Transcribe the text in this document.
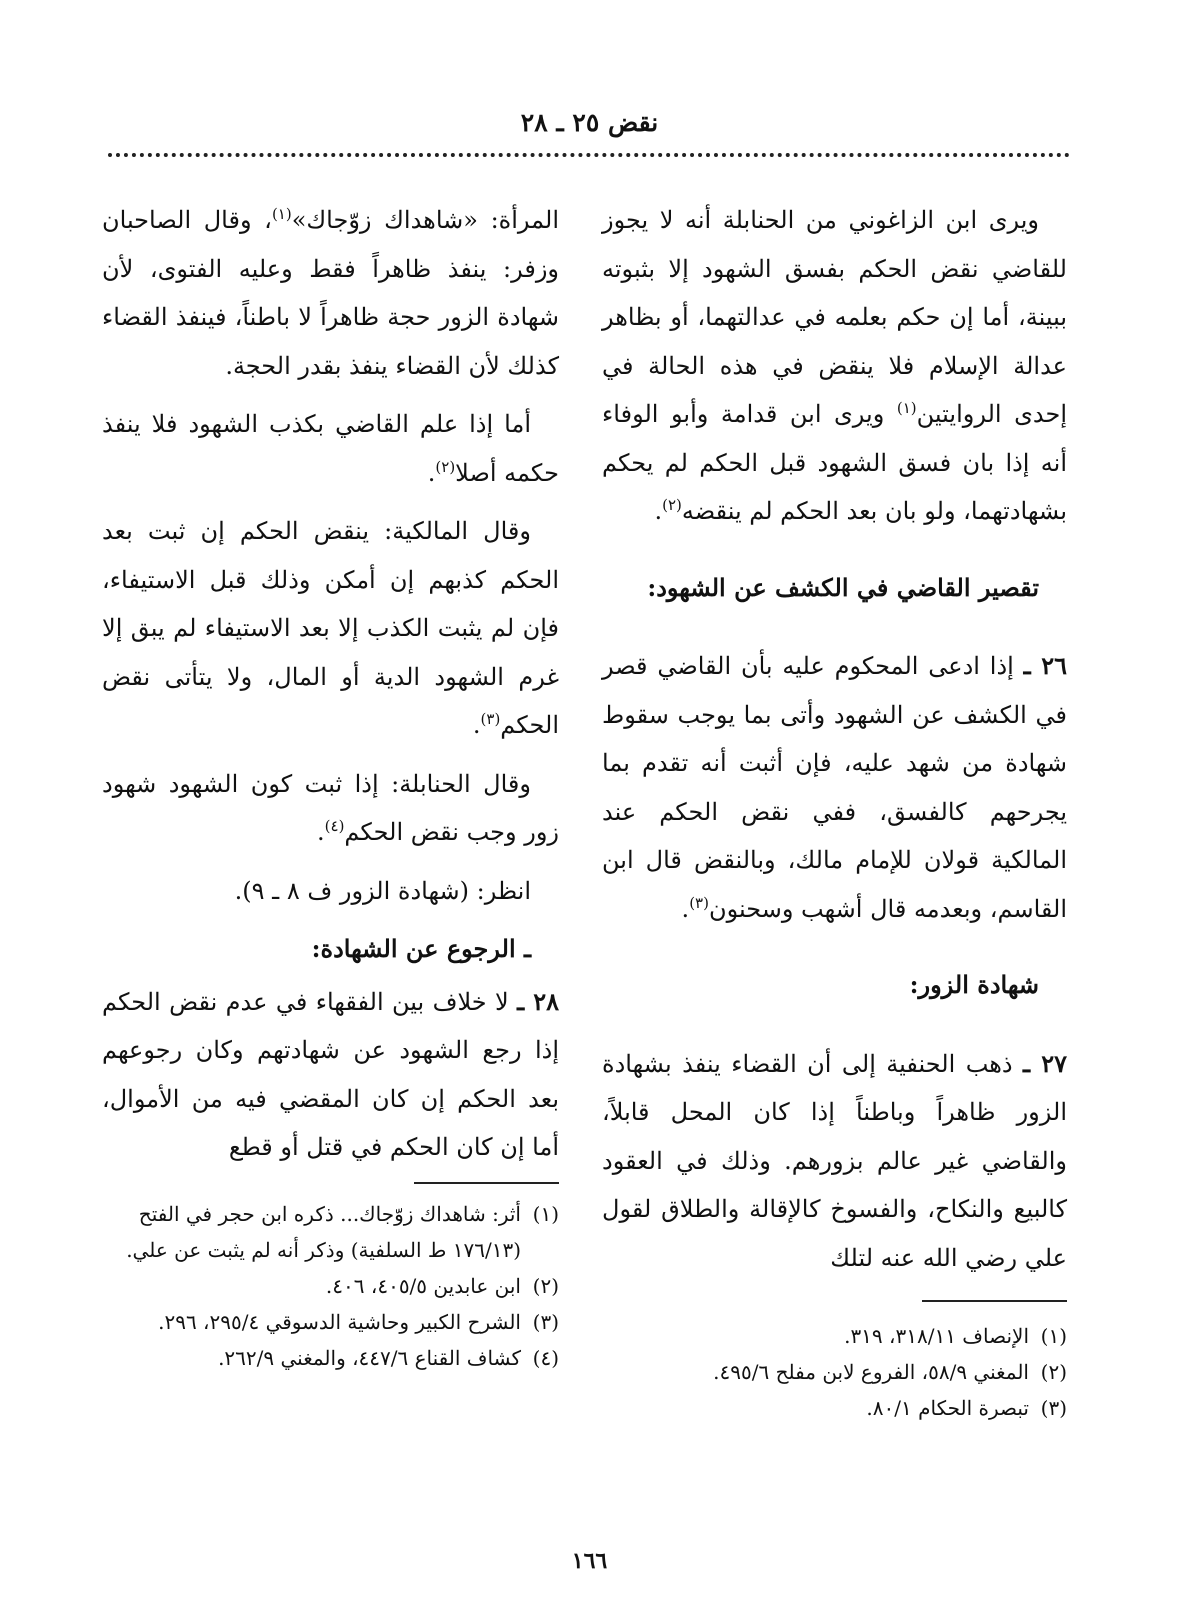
نقض ٢٥ ـ ٢٨

ويرى ابن الزاغوني من الحنابلة أنه لا يجوز للقاضي نقض الحكم بفسق الشهود إلا بثبوته ببينة، أما إن حكم بعلمه في عدالتهما، أو بظاهر عدالة الإسلام فلا ينقض في هذه الحالة في إحدى الروايتين$^{(١)}$ ويرى ابن قدامة وأبو الوفاء أنه إذا بان فسق الشهود قبل الحكم لم يحكم بشهادتهما، ولو بان بعد الحكم لم ينقضه$^{(٢)}$.

تقصير القاضي في الكشف عن الشهود:

٢٦ ـ إذا ادعى المحكوم عليه بأن القاضي قصر في الكشف عن الشهود وأتى بما يوجب سقوط شهادة من شهد عليه، فإن أثبت أنه تقدم بما يجرحهم كالفسق، ففي نقض الحكم عند المالكية قولان للإمام مالك، وبالنقض قال ابن القاسم، وبعدمه قال أشهب وسحنون$^{(٣)}$.

شهادة الزور:

٢٧ ـ ذهب الحنفية إلى أن القضاء ينفذ بشهادة الزور ظاهراً وباطناً إذا كان المحل قابلاً، والقاضي غير عالم بزورهم. وذلك في العقود كالبيع والنكاح، والفسوخ كالإقالة والطلاق لقول علي رضي الله عنه لتلك

(١)
الإنصاف ٣١٨/١١، ٣١٩.

(٢)
المغني ٥٨/٩، الفروع لابن مفلح ٤٩٥/٦.

(٣)
تبصرة الحكام ٨٠/١.

المرأة: «شاهداك زوّجاك»$^{(١)}$، وقال الصاحبان وزفر: ينفذ ظاهراً فقط وعليه الفتوى، لأن شهادة الزور حجة ظاهراً لا باطناً، فينفذ القضاء كذلك لأن القضاء ينفذ بقدر الحجة.

أما إذا علم القاضي بكذب الشهود فلا ينفذ حكمه أصلا$^{(٢)}$.

وقال المالكية: ينقض الحكم إن ثبت بعد الحكم كذبهم إن أمكن وذلك قبل الاستيفاء، فإن لم يثبت الكذب إلا بعد الاستيفاء لم يبق إلا غرم الشهود الدية أو المال، ولا يتأتى نقض الحكم$^{(٣)}$.

وقال الحنابلة: إذا ثبت كون الشهود شهود زور وجب نقض الحكم$^{(٤)}$.

انظر: (شهادة الزور ف ٨ ـ ٩).

ـ الرجوع عن الشهادة:

٢٨ ـ لا خلاف بين الفقهاء في عدم نقض الحكم إذا رجع الشهود عن شهادتهم وكان رجوعهم بعد الحكم إن كان المقضي فيه من الأموال، أما إن كان الحكم في قتل أو قطع

(١)
أثر: شاهداك زوّجاك... ذكره ابن حجر في الفتح (١٧٦/١٣ ط السلفية) وذكر أنه لم يثبت عن علي.

(٢)
ابن عابدين ٤٠٥/٥، ٤٠٦.

(٣)
الشرح الكبير وحاشية الدسوقي ٢٩٥/٤، ٢٩٦.

(٤)
كشاف القناع ٤٤٧/٦، والمغني ٢٦٢/٩.

١٦٦
